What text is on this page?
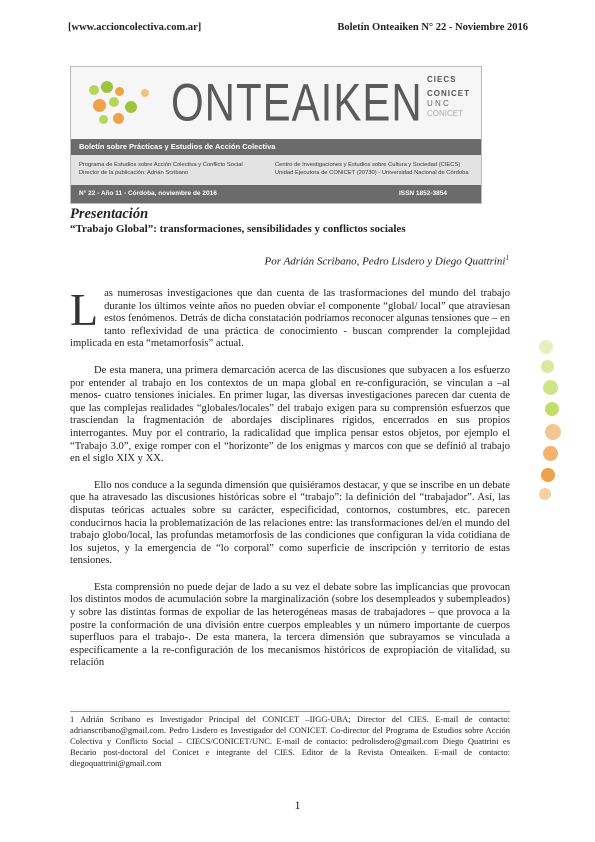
[www.accioncolectiva.com.ar]	Boletín Onteaiken N° 22 - Noviembre 2016
ONTEAIKEN CIECS
CONICET
U N C
CONICET
Boletín sobre Prácticas y Estudios de Acción Colectiva
Programa de Estudios sobre Acción Colectiva y Conflicto Social
Director de la publicación: Adrián Scribano
Centro de Investigaciones y Estudios sobre Cultura y Sociedad (CIECS)
Unidad Ejecutora de CONICET (20730) - Universidad Nacional de Córdoba
N° 22 - Año 11 - Córdoba, noviembre de 2016	ISSN 1852-3854
Presentación
“Trabajo Global”: transformaciones, sensibilidades y conflictos sociales
Por Adrián Scribano, Pedro Lisdero y Diego Quattrini$^1$

Las numerosas investigaciones que dan cuenta de las trasformaciones del mundo del trabajo durante los últimos veinte años no pueden obviar el componente “global/ local” que atraviesan estos fenómenos. Detrás de dicha constatación podríamos reconocer algunas tensiones que – en tanto reflexividad de una práctica de conocimiento - buscan comprender la complejidad implicada en esta “metamorfosis” actual.

De esta manera, una primera demarcación acerca de las discusiones que subyacen a los esfuerzo por entender al trabajo en los contextos de un mapa global en re-configuración, se vinculan a –al menos- cuatro tensiones iniciales. En primer lugar, las diversas investigaciones parecen dar cuenta de que las complejas realidades “globales/locales” del trabajo exigen para su comprensión esfuerzos que trasciendan la fragmentación de abordajes disciplinares rígidos, encerrados en sus propios interrogantes. Muy por el contrario, la radicalidad que implica pensar estos objetos, por ejemplo el “Trabajo 3.0”, exige romper con el “horizonte” de los enigmas y marcos con que se definió al trabajo en el siglo XIX y XX.

Ello nos conduce a la segunda dimensión que quisiéramos destacar, y que se inscribe en un debate que ha atravesado las discusiones históricas sobre el “trabajo”: la definición del “trabajador”. Así, las disputas teóricas actuales sobre su carácter, especificidad, contornos, costumbres, etc. parecen conducirnos hacia la problematización de las relaciones entre: las transformaciones del/en el mundo del trabajo globo/local, las profundas metamorfosis de las condiciones que configuran la vida cotidiana de los sujetos, y la emergencia de “lo corporal” como superficie de inscripción y territorio de estas tensiones.

Esta comprensión no puede dejar de lado a su vez el debate sobre las implicancias que provocan los distintos modos de acumulación sobre la marginalización (sobre los desempleados y subempleados) y sobre las distintas formas de expoliar de las heterogéneas masas de trabajadores – que provoca a la postre la conformación de una división entre cuerpos empleables y un número importante de cuerpos superfluos para el trabajo-. De esta manera, la tercera dimensión que subrayamos se vinculada a específicamente a la re-configuración de los mecanismos históricos de expropiación de vitalidad, su relación

1 Adrián Scribano es Investigador Principal del CONICET –IIGG-UBA; Director del CIES. E-mail de contacto: adrianscribano@gmail.com. Pedro Lisdero es Investigador del CONICET. Co-director del Programa de Estudios sobre Acción Colectiva y Conflicto Social – CIECS/CONICET/UNC. E-mail de contacto: pedrolisdero@gmail.com Diego Quattrini es Becario post-doctoral del Conicet e integrante del CIES. Editor de la Revista Onteaiken. E-mail de contacto: diegoquattrini@gmail.com
1
